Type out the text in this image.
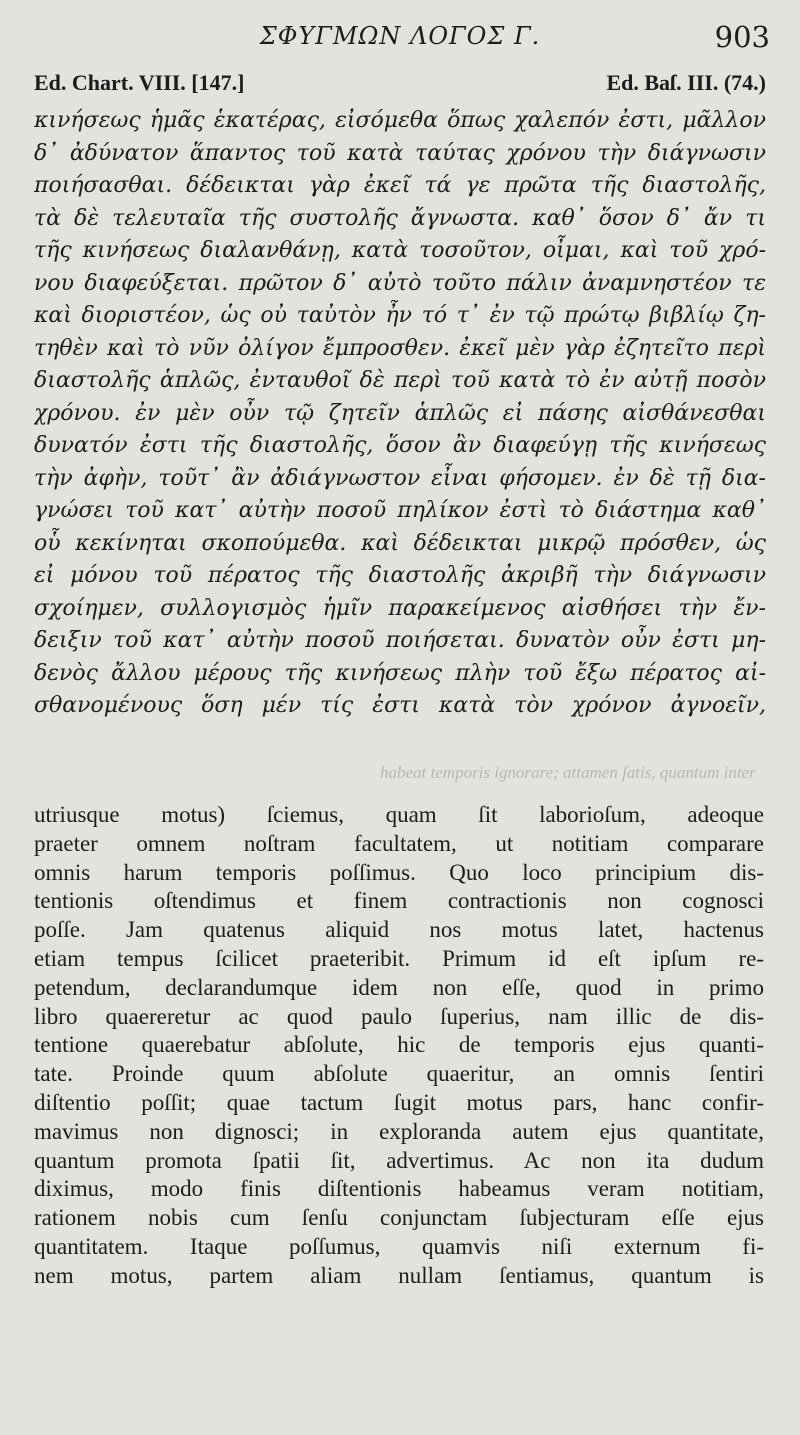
ΣΦΥΓΜΩΝ ΛΟΓΟΣ Γ.	903
Ed. Chart. VIII. [147.]	Ed. Baſ. III. (74.)
κινήσεως ἡμᾶς ἑκατέρας, εἰσόμεθα ὅπως χαλεπόν ἐστι, μᾶλλον
δ᾿ ἀδύνατον ἅπαντος τοῦ κατὰ ταύτας χρόνου τὴν διάγνωσιν
ποιήσασθαι. δέδεικται γὰρ ἐκεῖ τά γε πρῶτα τῆς διαστολῆς,
τὰ δὲ τελευταῖα τῆς συστολῆς ἄγνωστα. καθ᾿ ὅσον δ᾿ ἄν τι
τῆς κινήσεως διαλανθάνῃ, κατὰ τοσοῦτον, οἶμαι, καὶ τοῦ χρό-
νου διαφεύξεται. πρῶτον δ᾿ αὐτὸ τοῦτο πάλιν ἀναμνηστέον τε
καὶ διοριστέον, ὡς οὐ ταὐτὸν ἦν τό τ᾿ ἐν τῷ πρώτῳ βιβλίῳ ζη-
τηθὲν καὶ τὸ νῦν ὀλίγον ἔμπροσθεν. ἐκεῖ μὲν γὰρ ἐζητεῖτο περὶ
διαστολῆς ἁπλῶς, ἐνταυθοῖ δὲ περὶ τοῦ κατὰ τὸ ἐν αὐτῇ ποσὸν
χρόνου. ἐν μὲν οὖν τῷ ζητεῖν ἁπλῶς εἰ πάσης αἰσθάνεσθαι
δυνατόν ἐστι τῆς διαστολῆς, ὅσον ἂν διαφεύγῃ τῆς κινήσεως
τὴν ἀφὴν, τοῦτ᾿ ἂν ἀδιάγνωστον εἶναι φήσομεν. ἐν δὲ τῇ δια-
γνώσει τοῦ κατ᾿ αὐτὴν ποσοῦ πηλίκον ἐστὶ τὸ διάστημα καθ᾿
οὗ κεκίνηται σκοπούμεθα. καὶ δέδεικται μικρῷ πρόσθεν, ὡς
εἰ μόνου τοῦ πέρατος τῆς διαστολῆς ἀκριβῆ τὴν διάγνωσιν
σχοίημεν, συλλογισμὸς ἡμῖν παρακείμενος αἰσθήσει τὴν ἔν-
δειξιν τοῦ κατ᾿ αὐτὴν ποσοῦ ποιήσεται. δυνατὸν οὖν ἐστι μη-
δενὸς ἄλλου μέρους τῆς κινήσεως πλὴν τοῦ ἔξω πέρατος αἰ-
σθανομένους ὅση μέν τίς ἐστι κατὰ τὸν χρόνον ἀγνοεῖν,
habeat temporis ignorare; attamen ſatis, quantum inter
utriusque motus) ſciemus, quam ſit laborioſum, adeoque
praeter omnem noſtram facultatem, ut notitiam comparare
omnis harum temporis poſſimus. Quo loco principium dis-
tentionis oſtendimus et finem contractionis non cognosci
poſſe. Jam quatenus aliquid nos motus latet, hactenus
etiam tempus ſcilicet praeteribit. Primum id eſt ipſum re-
petendum, declarandumque idem non eſſe, quod in primo
libro quaereretur ac quod paulo ſuperius, nam illic de dis-
tentione quaerebatur abſolute, hic de temporis ejus quanti-
tate. Proinde quum abſolute quaeritur, an omnis ſentiri
diſtentio poſſit; quae tactum ſugit motus pars, hanc confir-
mavimus non dignosci; in exploranda autem ejus quantitate,
quantum promota ſpatii ſit, advertimus. Ac non ita dudum
diximus, modo finis diſtentionis habeamus veram notitiam,
rationem nobis cum ſenſu conjunctam ſubjecturam eſſe ejus
quantitatem. Itaque poſſumus, quamvis niſi externum fi-
nem motus, partem aliam nullam ſentiamus, quantum is
